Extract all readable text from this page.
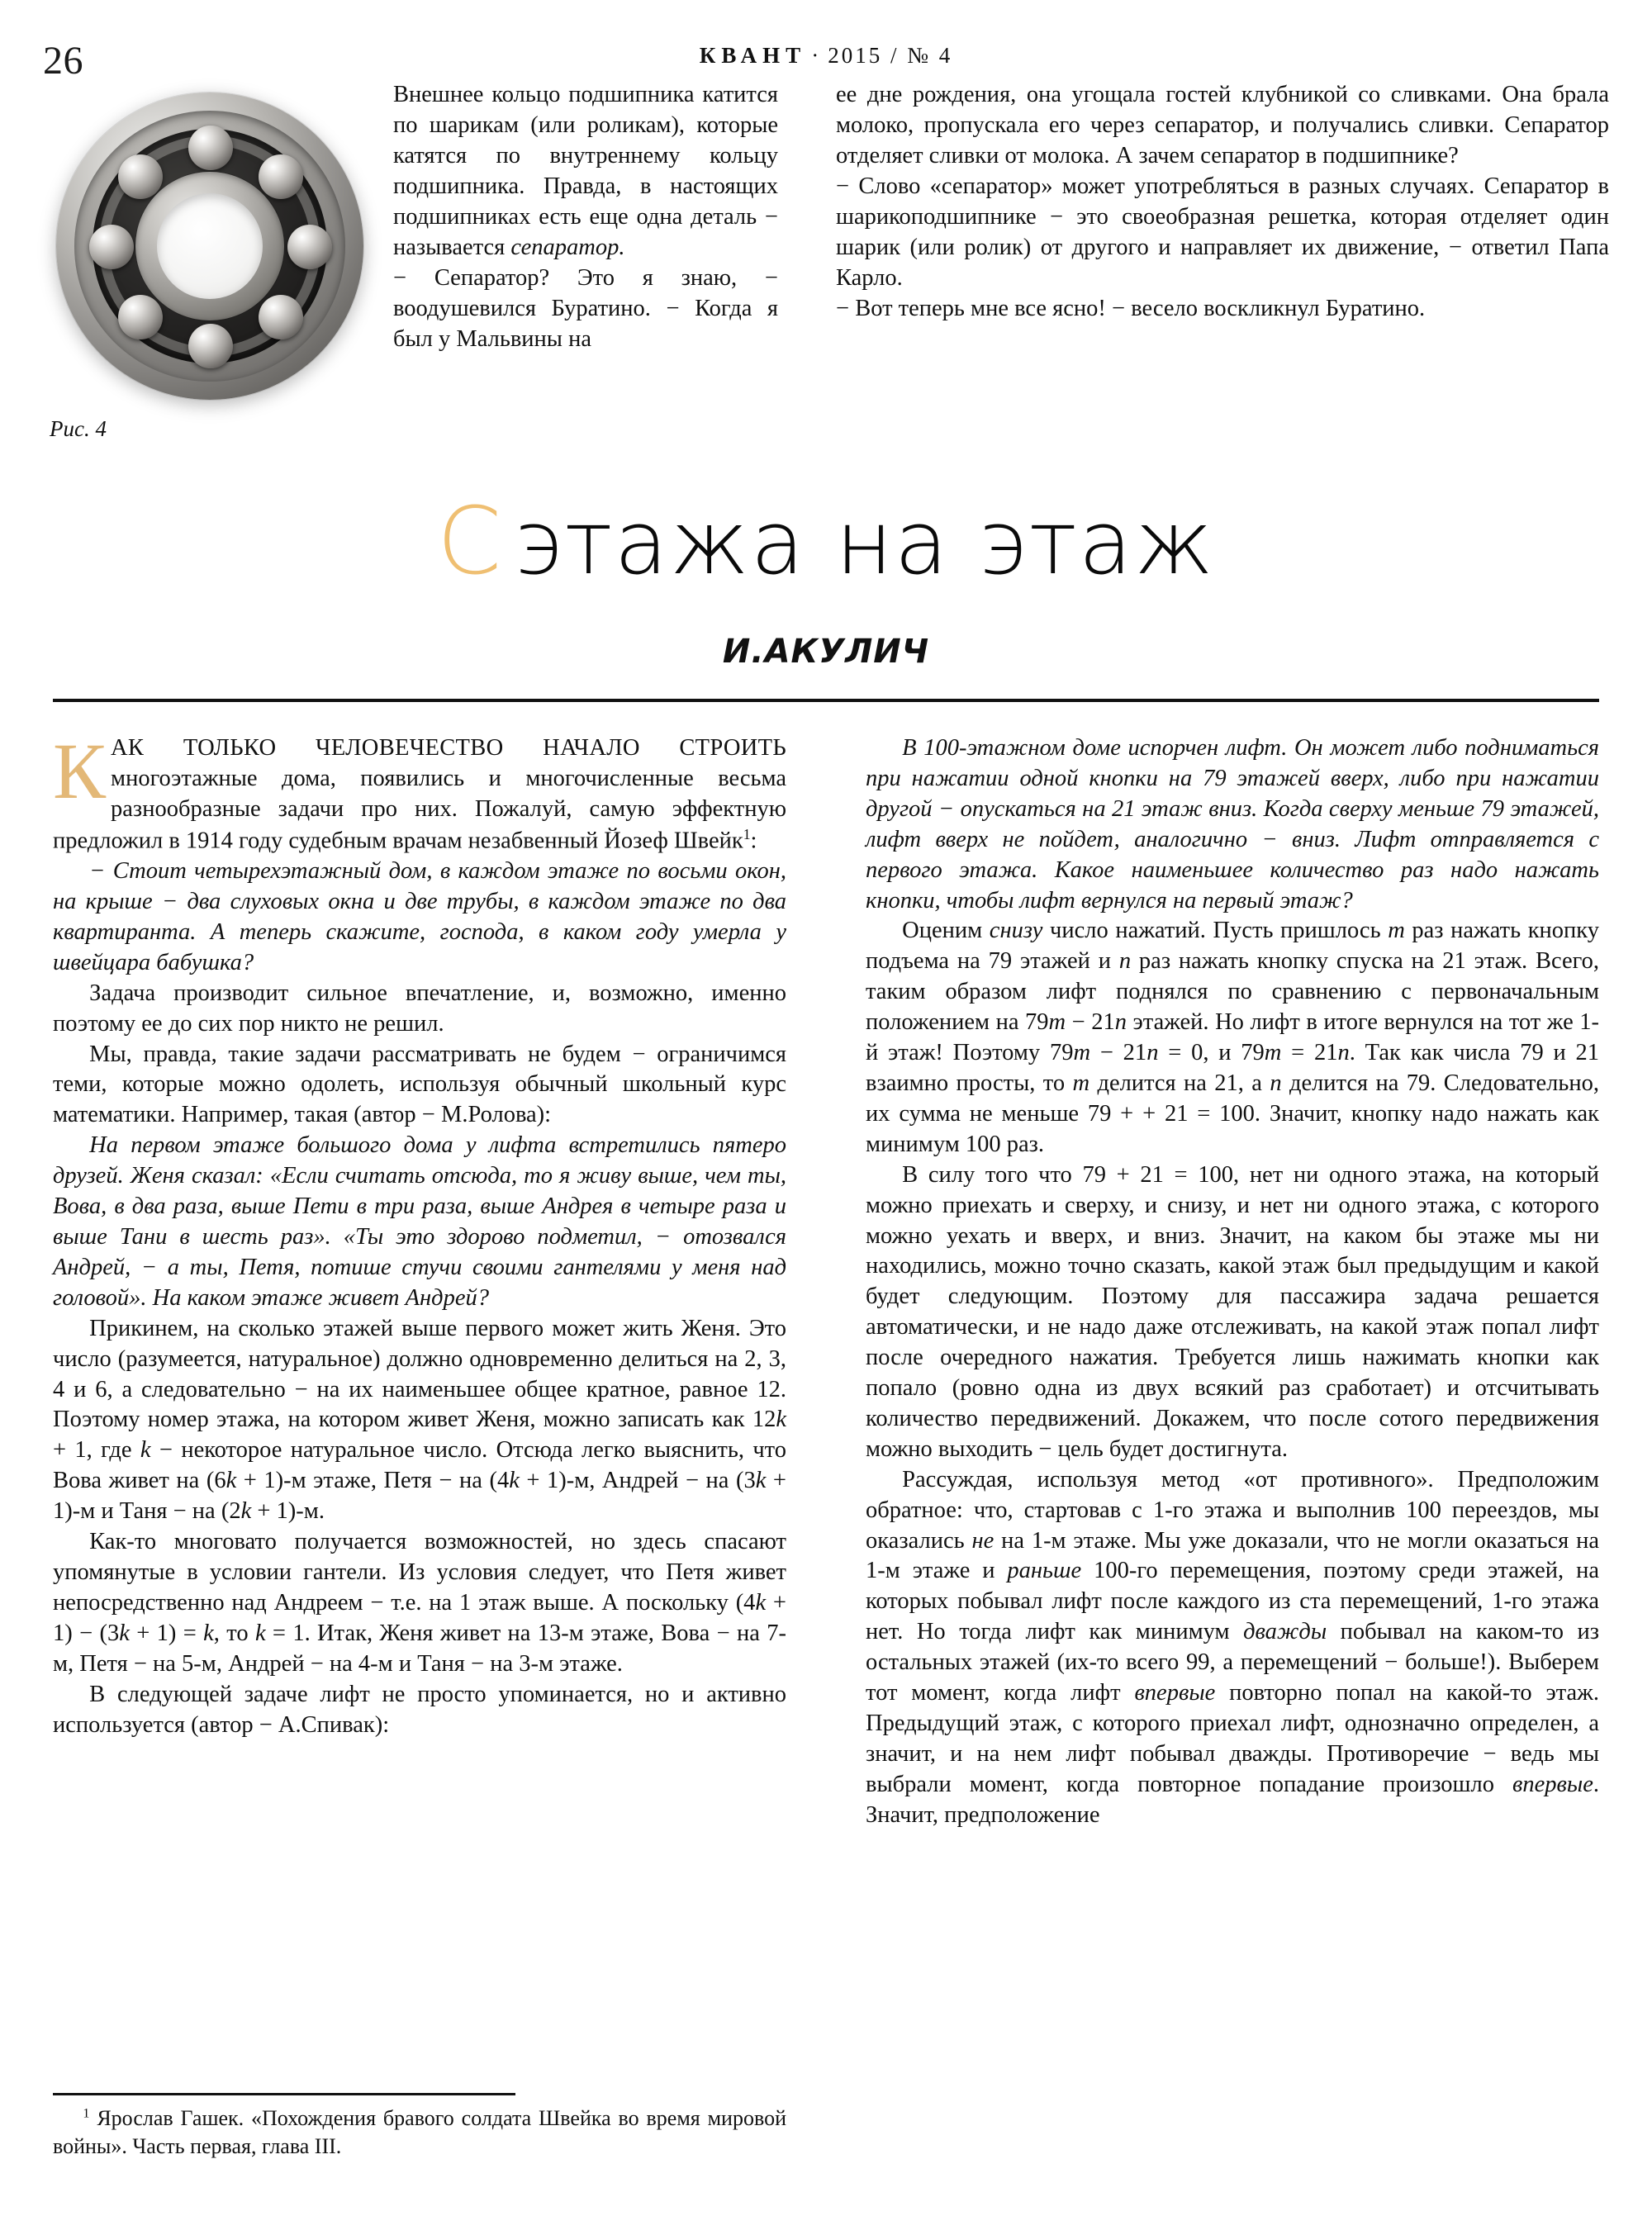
26	КВАНТ · 2015 / № 4
Рис. 4

Внешнее кольцо подшипника катится по шарикам (или роликам), которые катятся по внутреннему кольцу подшипника. Правда, в настоящих подшипниках есть еще одна деталь − называется сепаратор.

− Сепаратор? Это я знаю, − воодушевился Буратино. − Когда я был у Мальвины на

ее дне рождения, она угощала гостей клубникой со сливками. Она брала молоко, пропускала его через сепаратор, и получались сливки. Сепаратор отделяет сливки от молока. А зачем сепаратор в подшипнике?

− Слово «сепаратор» может употребляться в разных случаях. Сепаратор в шарикоподшипнике − это своеобразная решетка, которая отделяет один шарик (или ролик) от другого и направляет их движение, − ответил Папа Карло.

− Вот теперь мне все ясно! − весело воскликнул Буратино.

С этажа на этаж
И.АКУЛИЧ

КАК ТОЛЬКО ЧЕЛОВЕЧЕСТВО НАЧАЛО СТРОИТЬ многоэтажные дома, появились и многочисленные весьма разнообразные задачи про них. Пожалуй, самую эффектную предложил в 1914 году судебным врачам незабвенный Йозеф Швейк$^1$:

− Стоит четырехэтажный дом, в каждом этаже по восьми окон, на крыше − два слуховых окна и две трубы, в каждом этаже по два квартиранта. А теперь скажите, господа, в каком году умерла у швейцара бабушка?

Задача производит сильное впечатление, и, возможно, именно поэтому ее до сих пор никто не решил.

Мы, правда, такие задачи рассматривать не будем − ограничимся теми, которые можно одолеть, используя обычный школьный курс математики. Например, такая (автор − М.Ролова):

На первом этаже большого дома у лифта встретились пятеро друзей. Женя сказал: «Если считать отсюда, то я живу выше, чем ты, Вова, в два раза, выше Пети в три раза, выше Андрея в четыре раза и выше Тани в шесть раз». «Ты это здорово подметил, − отозвался Андрей, − а ты, Петя, потише стучи своими гантелями у меня над головой». На каком этаже живет Андрей?

Прикинем, на сколько этажей выше первого может жить Женя. Это число (разумеется, натуральное) должно одновременно делиться на 2, 3, 4 и 6, а следовательно − на их наименьшее общее кратное, равное 12. Поэтому номер этажа, на котором живет Женя, можно записать как 12k + 1, где k − некоторое натуральное число. Отсюда легко выяснить, что Вова живет на (6k + 1)-м этаже, Петя − на (4k + 1)-м, Андрей − на (3k + 1)-м и Таня − на (2k + 1)-м.

Как-то многовато получается возможностей, но здесь спасают упомянутые в условии гантели. Из условия следует, что Петя живет непосредственно над Андреем − т.е. на 1 этаж выше. А поскольку (4k + 1) − (3k + 1) = k, то k = 1. Итак, Женя живет на 13-м этаже, Вова − на 7-м, Петя − на 5-м, Андрей − на 4-м и Таня − на 3-м этаже.

В следующей задаче лифт не просто упоминается, но и активно используется (автор − А.Спивак):

В 100-этажном доме испорчен лифт. Он может либо подниматься при нажатии одной кнопки на 79 этажей вверх, либо при нажатии другой − опускаться на 21 этаж вниз. Когда сверху меньше 79 этажей, лифт вверх не пойдет, аналогично − вниз. Лифт отправляется с первого этажа. Какое наименьшее количество раз надо нажать кнопки, чтобы лифт вернулся на первый этаж?

Оценим снизу число нажатий. Пусть пришлось m раз нажать кнопку подъема на 79 этажей и n раз нажать кнопку спуска на 21 этаж. Всего, таким образом лифт поднялся по сравнению с первоначальным положением на 79m − 21n этажей. Но лифт в итоге вернулся на тот же 1-й этаж! Поэтому 79m − 21n = 0, и 79m = 21n. Так как числа 79 и 21 взаимно просты, то m делится на 21, а n делится на 79. Следовательно, их сумма не меньше 79 + + 21 = 100. Значит, кнопку надо нажать как минимум 100 раз.

В силу того что 79 + 21 = 100, нет ни одного этажа, на который можно приехать и сверху, и снизу, и нет ни одного этажа, с которого можно уехать и вверх, и вниз. Значит, на каком бы этаже мы ни находились, можно точно сказать, какой этаж был предыдущим и какой будет следующим. Поэтому для пассажира задача решается автоматически, и не надо даже отслеживать, на какой этаж попал лифт после очередного нажатия. Требуется лишь нажимать кнопки как попало (ровно одна из двух всякий раз сработает) и отсчитывать количество передвижений. Докажем, что после сотого передвижения можно выходить − цель будет достигнута.

Рассуждая, используя метод «от противного». Предположим обратное: что, стартовав с 1-го этажа и выполнив 100 переездов, мы оказались не на 1-м этаже. Мы уже доказали, что не могли оказаться на 1-м этаже и раньше 100-го перемещения, поэтому среди этажей, на которых побывал лифт после каждого из ста перемещений, 1-го этажа нет. Но тогда лифт как минимум дважды побывал на каком-то из остальных этажей (их-то всего 99, а перемещений − больше!). Выберем тот момент, когда лифт впервые повторно попал на какой-то этаж. Предыдущий этаж, с которого приехал лифт, однозначно определен, а значит, и на нем лифт побывал дважды. Противоречие − ведь мы выбрали момент, когда повторное попадание произошло впервые. Значит, предположение

$^1$ Ярослав Гашек. «Похождения бравого солдата Швейка во время мировой войны». Часть первая, глава III.
